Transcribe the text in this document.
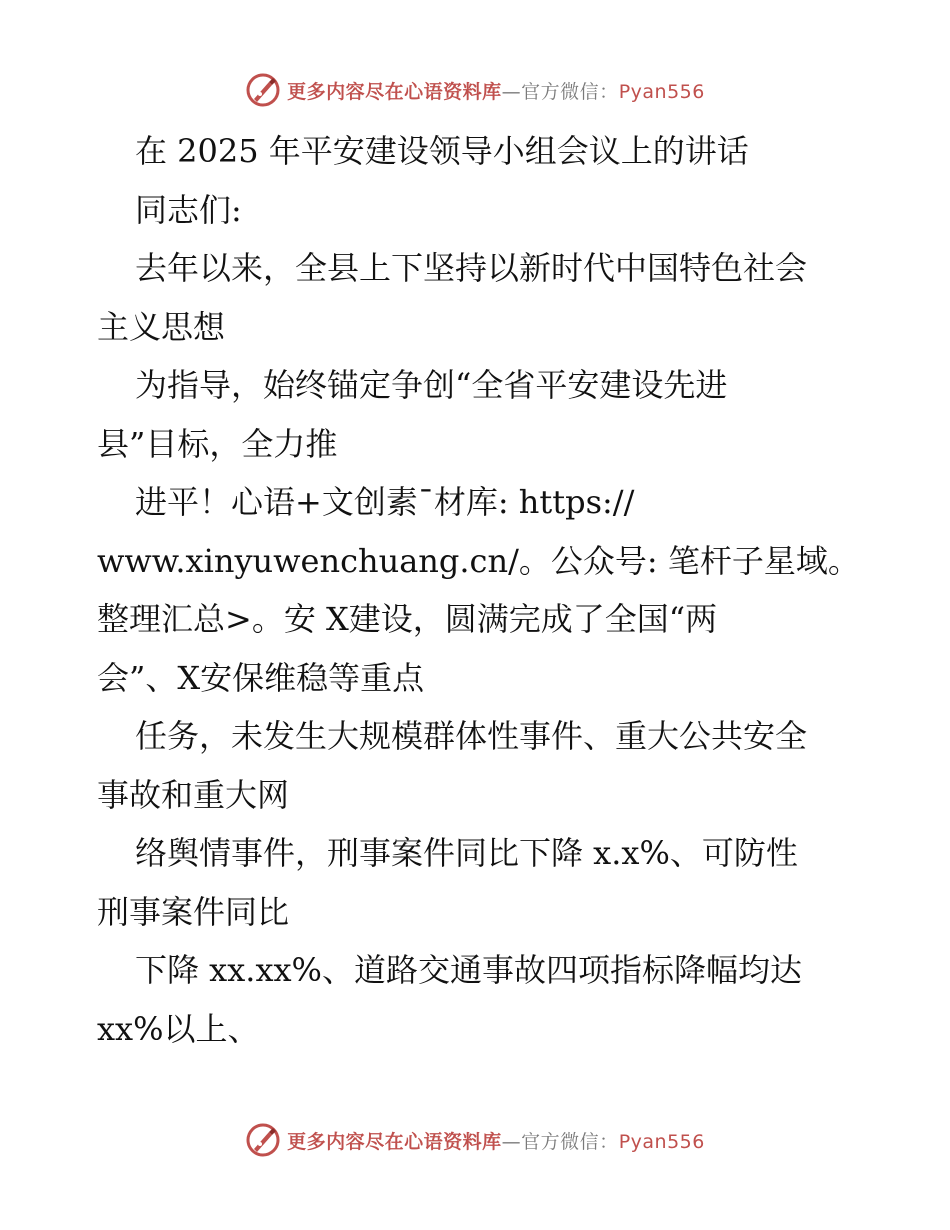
更多内容尽在心语资料库—官方微信：Pyan556
在 2025 年平安建设领导小组会议上的讲话
同志们:
去年以来，全县上下坚持以新时代中国特色社会
主义思想
为指导，始终锚定争创“全省平安建设先进
县”目标，全力推
进平！心语+文创素¯材库: https://
www.xinyuwenchuang.cn/。公众号: 笔杆子星域。
整理汇总>。安 X建设，圆满完成了全国“两
会”、X安保维稳等重点
任务，未发生大规模群体性事件、重大公共安全
事故和重大网
络舆情事件，刑事案件同比下降 x.x%、可防性
刑事案件同比
下降 xx.xx%、道路交通事故四项指标降幅均达
xx%以上、
更多内容尽在心语资料库—官方微信：Pyan556
